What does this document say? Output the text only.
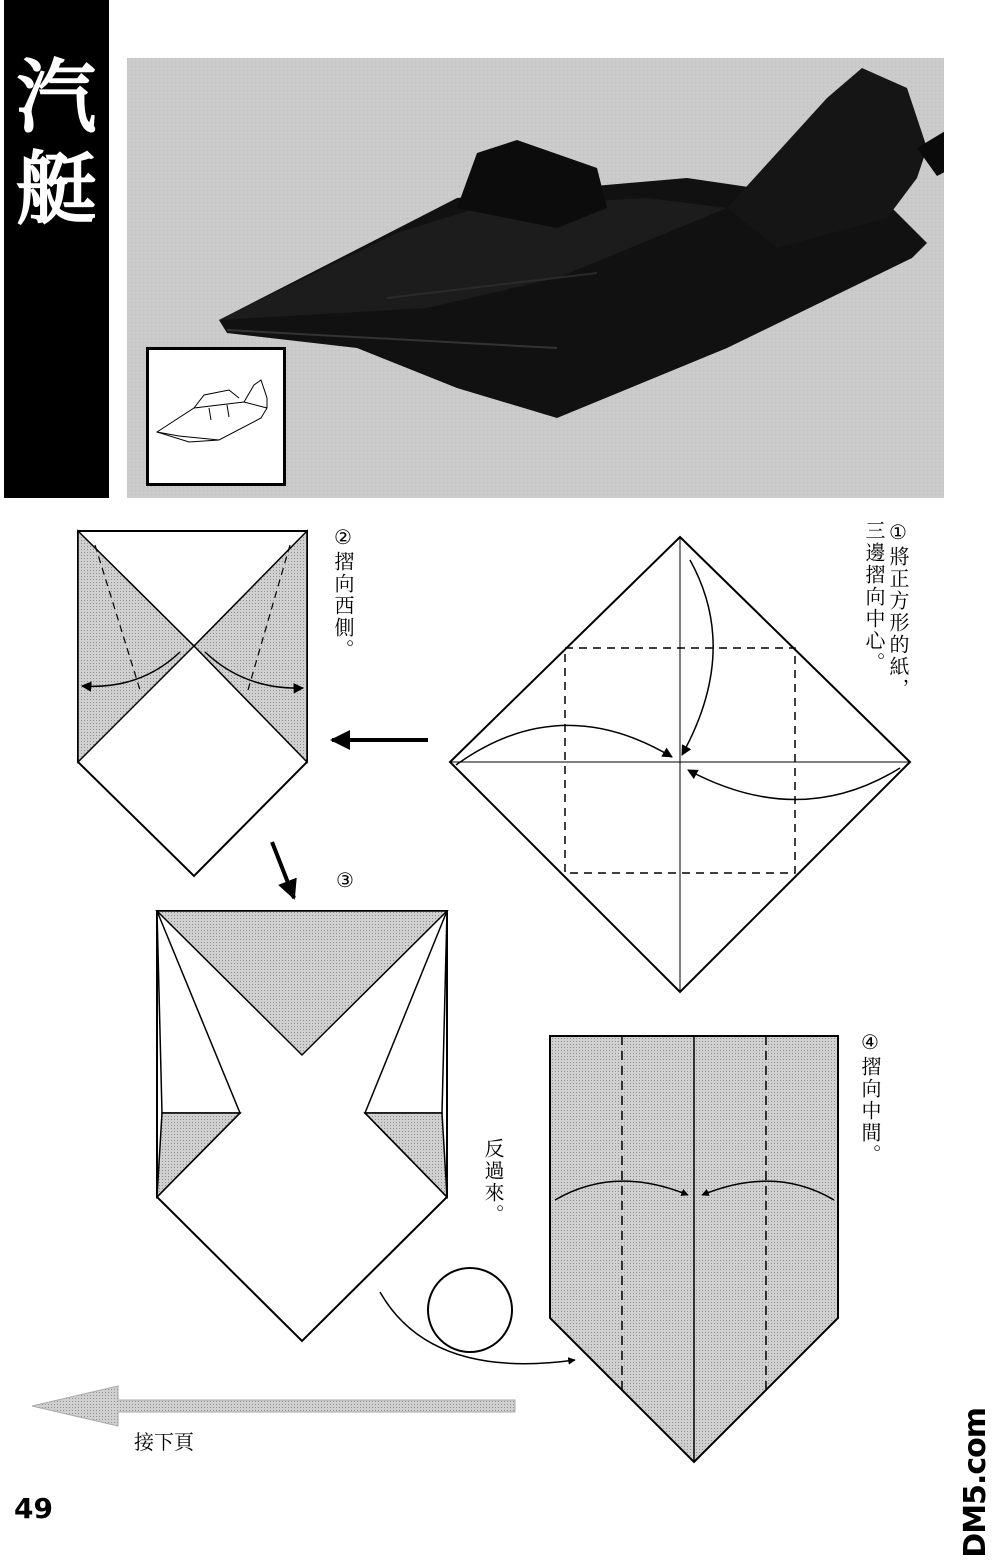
汽
艇
①將正方形的紙，三邊摺向中心。
②摺向西側。
③
④摺向中間。
反過來。
接下頁
49	DM5.com
